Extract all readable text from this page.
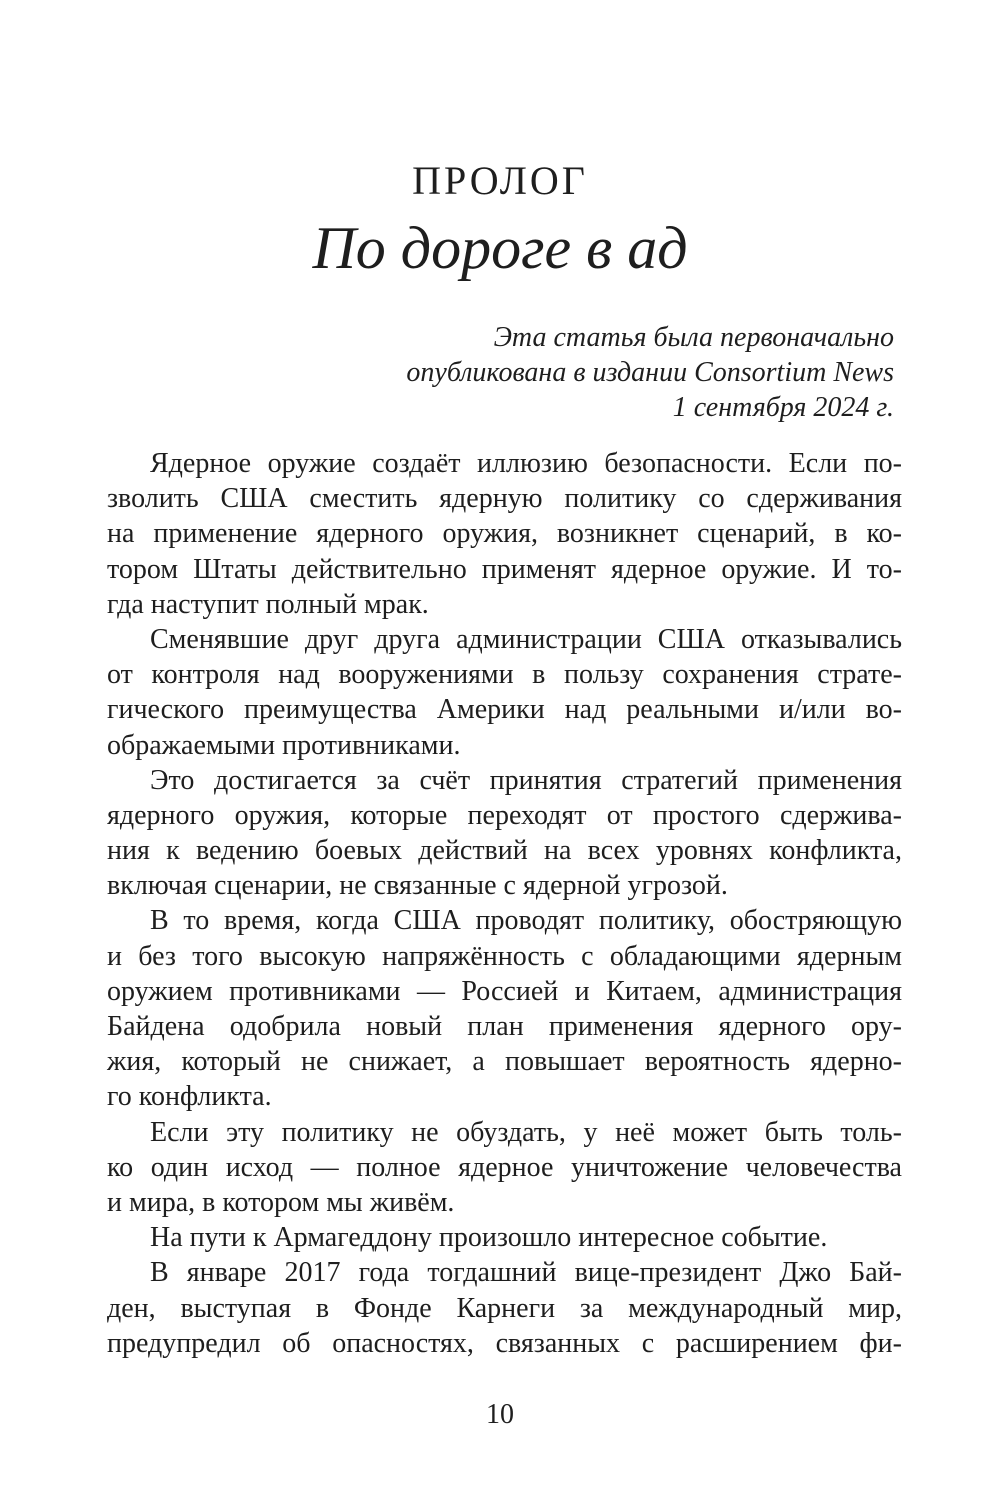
ПРОЛОГ
По дороге в ад
Эта статья была первоначально
опубликована в издании Consortium News
1 сентября 2024 г.
Ядерное оружие создаёт иллюзию безопасности. Если по-
зволить США сместить ядерную политику со сдерживания
на применение ядерного оружия, возникнет сценарий, в ко-
тором Штаты действительно применят ядерное оружие. И то-
гда наступит полный мрак.
Сменявшие друг друга администрации США отказывались
от контроля над вооружениями в пользу сохранения страте-
гического преимущества Америки над реальными и/или во-
ображаемыми противниками.
Это достигается за счёт принятия стратегий применения
ядерного оружия, которые переходят от простого сдержива-
ния к ведению боевых действий на всех уровнях конфликта,
включая сценарии, не связанные с ядерной угрозой.
В то время, когда США проводят политику, обостряющую
и без того высокую напряжённость с обладающими ядерным
оружием противниками — Россией и Китаем, администрация
Байдена одобрила новый план применения ядерного ору-
жия, который не снижает, а повышает вероятность ядерно-
го конфликта.
Если эту политику не обуздать, у неё может быть толь-
ко один исход — полное ядерное уничтожение человечества
и мира, в котором мы живём.
На пути к Армагеддону произошло интересное событие.
В январе 2017 года тогдашний вице-президент Джо Бай-
ден, выступая в Фонде Карнеги за международный мир,
предупредил об опасностях, связанных с расширением фи-
10
